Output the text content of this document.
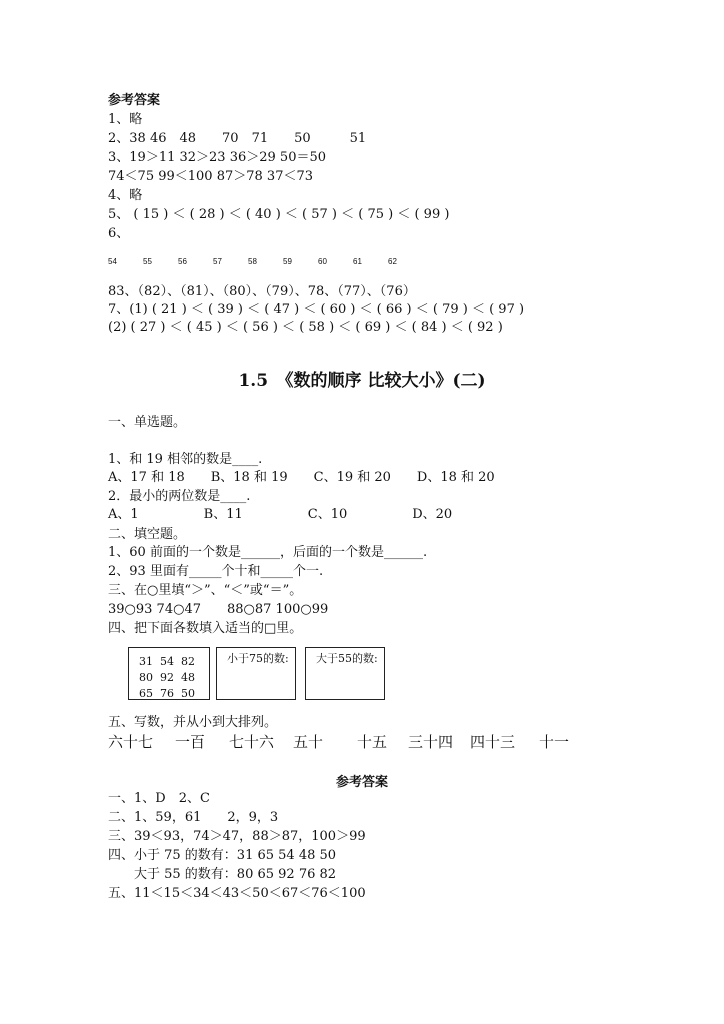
参考答案
1、略
2、38 46　48　　70　71　　50　　　51
3、19＞11 32＞23 36＞29 50＝50
74＜75 99＜100 87＞78 37＜73
4、略
5、 ( 15 ) ＜ ( 28 ) ＜ ( 40 ) ＜ ( 57 ) ＜ ( 75 ) ＜ ( 99 )
6、
54	55	56	57	58	59	60	61	62
83、（82）、（81）、（80）、（79）、78、（77）、（76）
7、(1) ( 21 ) ＜ ( 39 ) ＜ ( 47 ) ＜ ( 60 ) ＜ ( 66 ) ＜ ( 79 ) ＜ ( 97 )
(2) ( 27 ) ＜ ( 45 ) ＜ ( 56 ) ＜ ( 58 ) ＜ ( 69 ) ＜ ( 84 ) ＜ ( 92 )
1.5　《数的顺序 比较大小》(二)
一、单选题。
1、和 19 相邻的数是____.
A、17 和 18　　B、18 和 19　　C、19 和 20　　D、18 和 20
2．最小的两位数是____.
A、1　　　　　B、11　　　　　C、10　　　　　D、20
二、填空题。
1、60 前面的一个数是______，后面的一个数是______.
2、93 里面有_____个十和_____个一.
三、在○里填“＞”、“＜”或“＝”。
39○93 74○47　　88○87 100○99
四、把下面各数填入适当的□里。
31 54 82
80 92 48
65 76 50
小于75的数: 大于55的数:
五、写数，并从小到大排列。
六十七 一百 七十六 五十 十五 三十四 四十三 十一
参考答案
一、1、D　2、C
二、1、59，61　　2，9，3
三、39＜93，74＞47，88＞87，100＞99
四、小于 75 的数有：31 65 54 48 50
　　大于 55 的数有：80 65 92 76 82
五、11＜15＜34＜43＜50＜67＜76＜100
